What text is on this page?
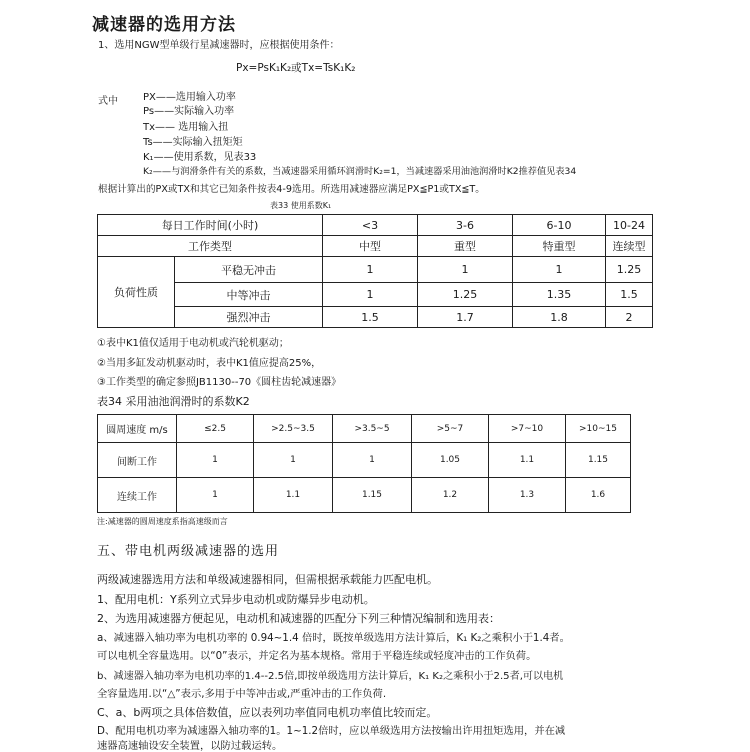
减速器的选用方法
1、选用NGW型单级行星减速器时，应根据使用条件：
Px=PsK₁K₂或Tx=TsK₁K₂
式中	PX——选用输入功率
Ps——实际输入功率
Tx—— 选用输入扭
Ts——实际输入扭矩矩
K₁——使用系数，见表33
K₂——与润滑条件有关的系数，当减速器采用循环润滑时K₂=1，当减速器采用油池润滑时K2推荐值见表34
根据计算出的PX或TX和其它已知条件按表4-9选用。所选用减速器应满足PX≦P1或TX≦T。
表33 使用系数K₁
每日工作时间(小时)		<3	3-6	6-10	10-24
工作类型		中型	重型	特重型	连续型
负荷性质	平稳无冲击	1	1	1	1.25
	中等冲击	1	1.25	1.35	1.5
	强烈冲击	1.5	1.7	1.8	2
①表中K1值仅适用于电动机或汽轮机驱动；
②当用多缸发动机驱动时，表中K1值应提高25%，
③工作类型的确定参照JB1130--70《圆柱齿轮减速器》
表34 采用油池润滑时的系数K2
圆周速度 m/s	≤2.5	>2.5~3.5	>3.5~5	>5~7	>7~10	>10~15
间断工作	1	1	1	1.05	1.1	1.15
连续工作	1	1.1	1.15	1.2	1.3	1.6
注:减速器的圆周速度系指高速级而言
五、带电机两级减速器的选用
两级减速器选用方法和单级减速器相同，但需根据承载能力匹配电机。
1、配用电机：Y系列立式异步电动机或防爆异步电动机。
2、为选用减速器方便起见，电动机和减速器的匹配分下列三种情况编制和选用表：
a、减速器入轴功率为电机功率的 0.94~1.4 倍时，既按单级选用方法计算后，K₁ K₂之乘积小于1.4者。
可以电机全容量选用。以“0”表示，并定名为基本规格。常用于平稳连续或轻度冲击的工作负荷。
b、减速器入轴功率为电机功率的1.4--2.5倍,即按单级选用方法计算后，K₁ K₂之乘积小于2.5者,可以电机
全容量选用.以“△”表示,多用于中等冲击或,严重冲击的工作负荷.
C、a、b两项之具体倍数值，应以表列功率值同电机功率值比较而定。
D、配用电机功率为减速器入轴功率的1。1~1.2倍时，应以单级选用方法按输出许用扭矩选用，并在减
速器高速轴设安全装置，以防过载运转。
